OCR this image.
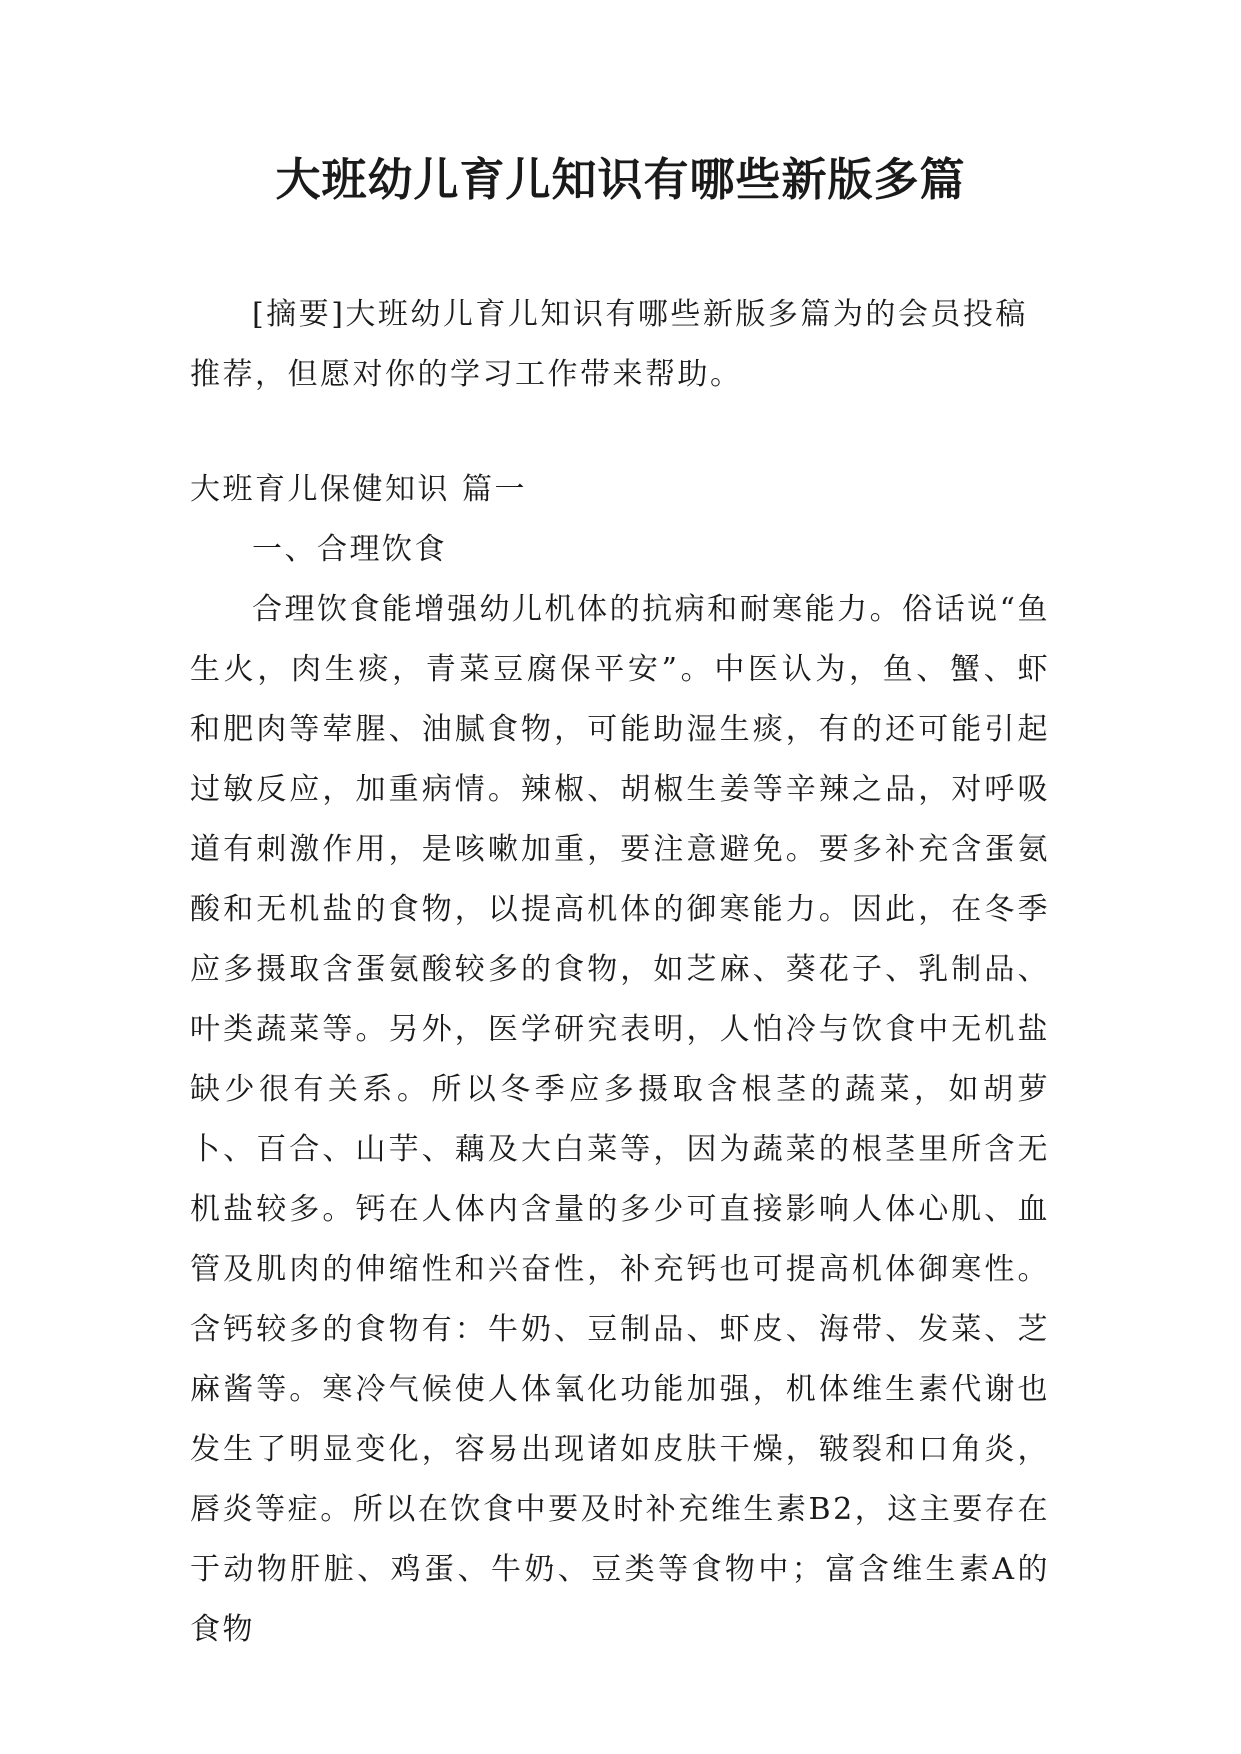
大班幼儿育儿知识有哪些新版多篇

[摘要]大班幼儿育儿知识有哪些新版多篇为的会员投稿推荐，但愿对你的学习工作带来帮助。

大班育儿保健知识 篇一

一、合理饮食

合理饮食能增强幼儿机体的抗病和耐寒能力。俗话说“鱼生火，肉生痰，青菜豆腐保平安”。中医认为，鱼、蟹、虾和肥肉等荤腥、油腻食物，可能助湿生痰，有的还可能引起过敏反应，加重病情。辣椒、胡椒生姜等辛辣之品，对呼吸道有刺激作用，是咳嗽加重，要注意避免。要多补充含蛋氨酸和无机盐的食物，以提高机体的御寒能力。因此，在冬季应多摄取含蛋氨酸较多的食物，如芝麻、葵花子、乳制品、叶类蔬菜等。另外，医学研究表明，人怕冷与饮食中无机盐缺少很有关系。所以冬季应多摄取含根茎的蔬菜，如胡萝卜、百合、山芋、藕及大白菜等，因为蔬菜的根茎里所含无机盐较多。钙在人体内含量的多少可直接影响人体心肌、血管及肌肉的伸缩性和兴奋性，补充钙也可提高机体御寒性。含钙较多的食物有：牛奶、豆制品、虾皮、海带、发菜、芝麻酱等。寒冷气候使人体氧化功能加强，机体维生素代谢也发生了明显变化，容易出现诸如皮肤干燥，皲裂和口角炎，唇炎等症。所以在饮食中要及时补充维生素B2，这主要存在于动物肝脏、鸡蛋、牛奶、豆类等食物中；富含维生素A的食物
